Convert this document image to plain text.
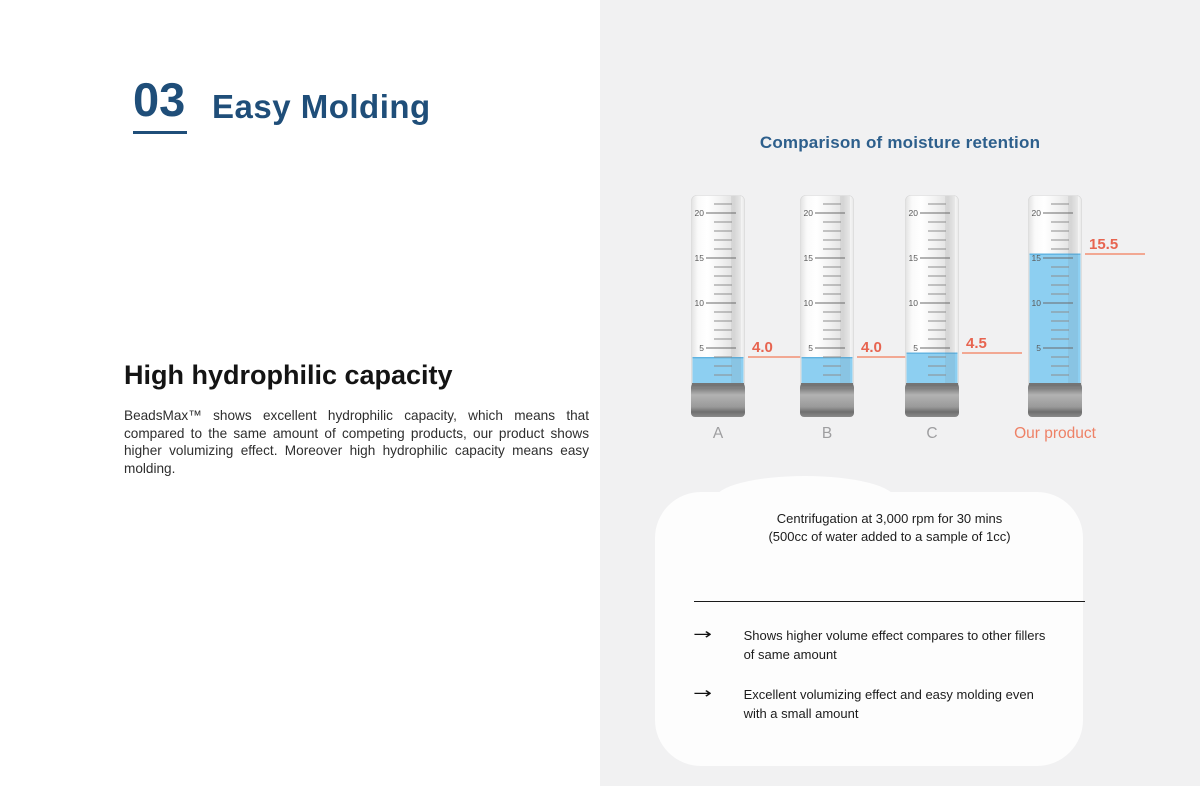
03 Easy Molding
High hydrophilic capacity
BeadsMax™ shows excellent hydrophilic capacity, which means that compared to the same amount of competing products, our product shows higher volumizing effect. Moreover high hydrophilic capacity means easy molding.
Comparison of moisture retention
5
10
15
20
4.0
A
5
10
15
20
4.0
B
5
10
15
20
4.5
C
5
10
15
20
15.5
Our product
Centrifugation at 3,000 rpm for 30 mins
(500cc of water added to a sample of 1cc)
→ Shows higher volume effect compares to other fillers of same amount
→ Excellent volumizing effect and easy molding even with a small amount
